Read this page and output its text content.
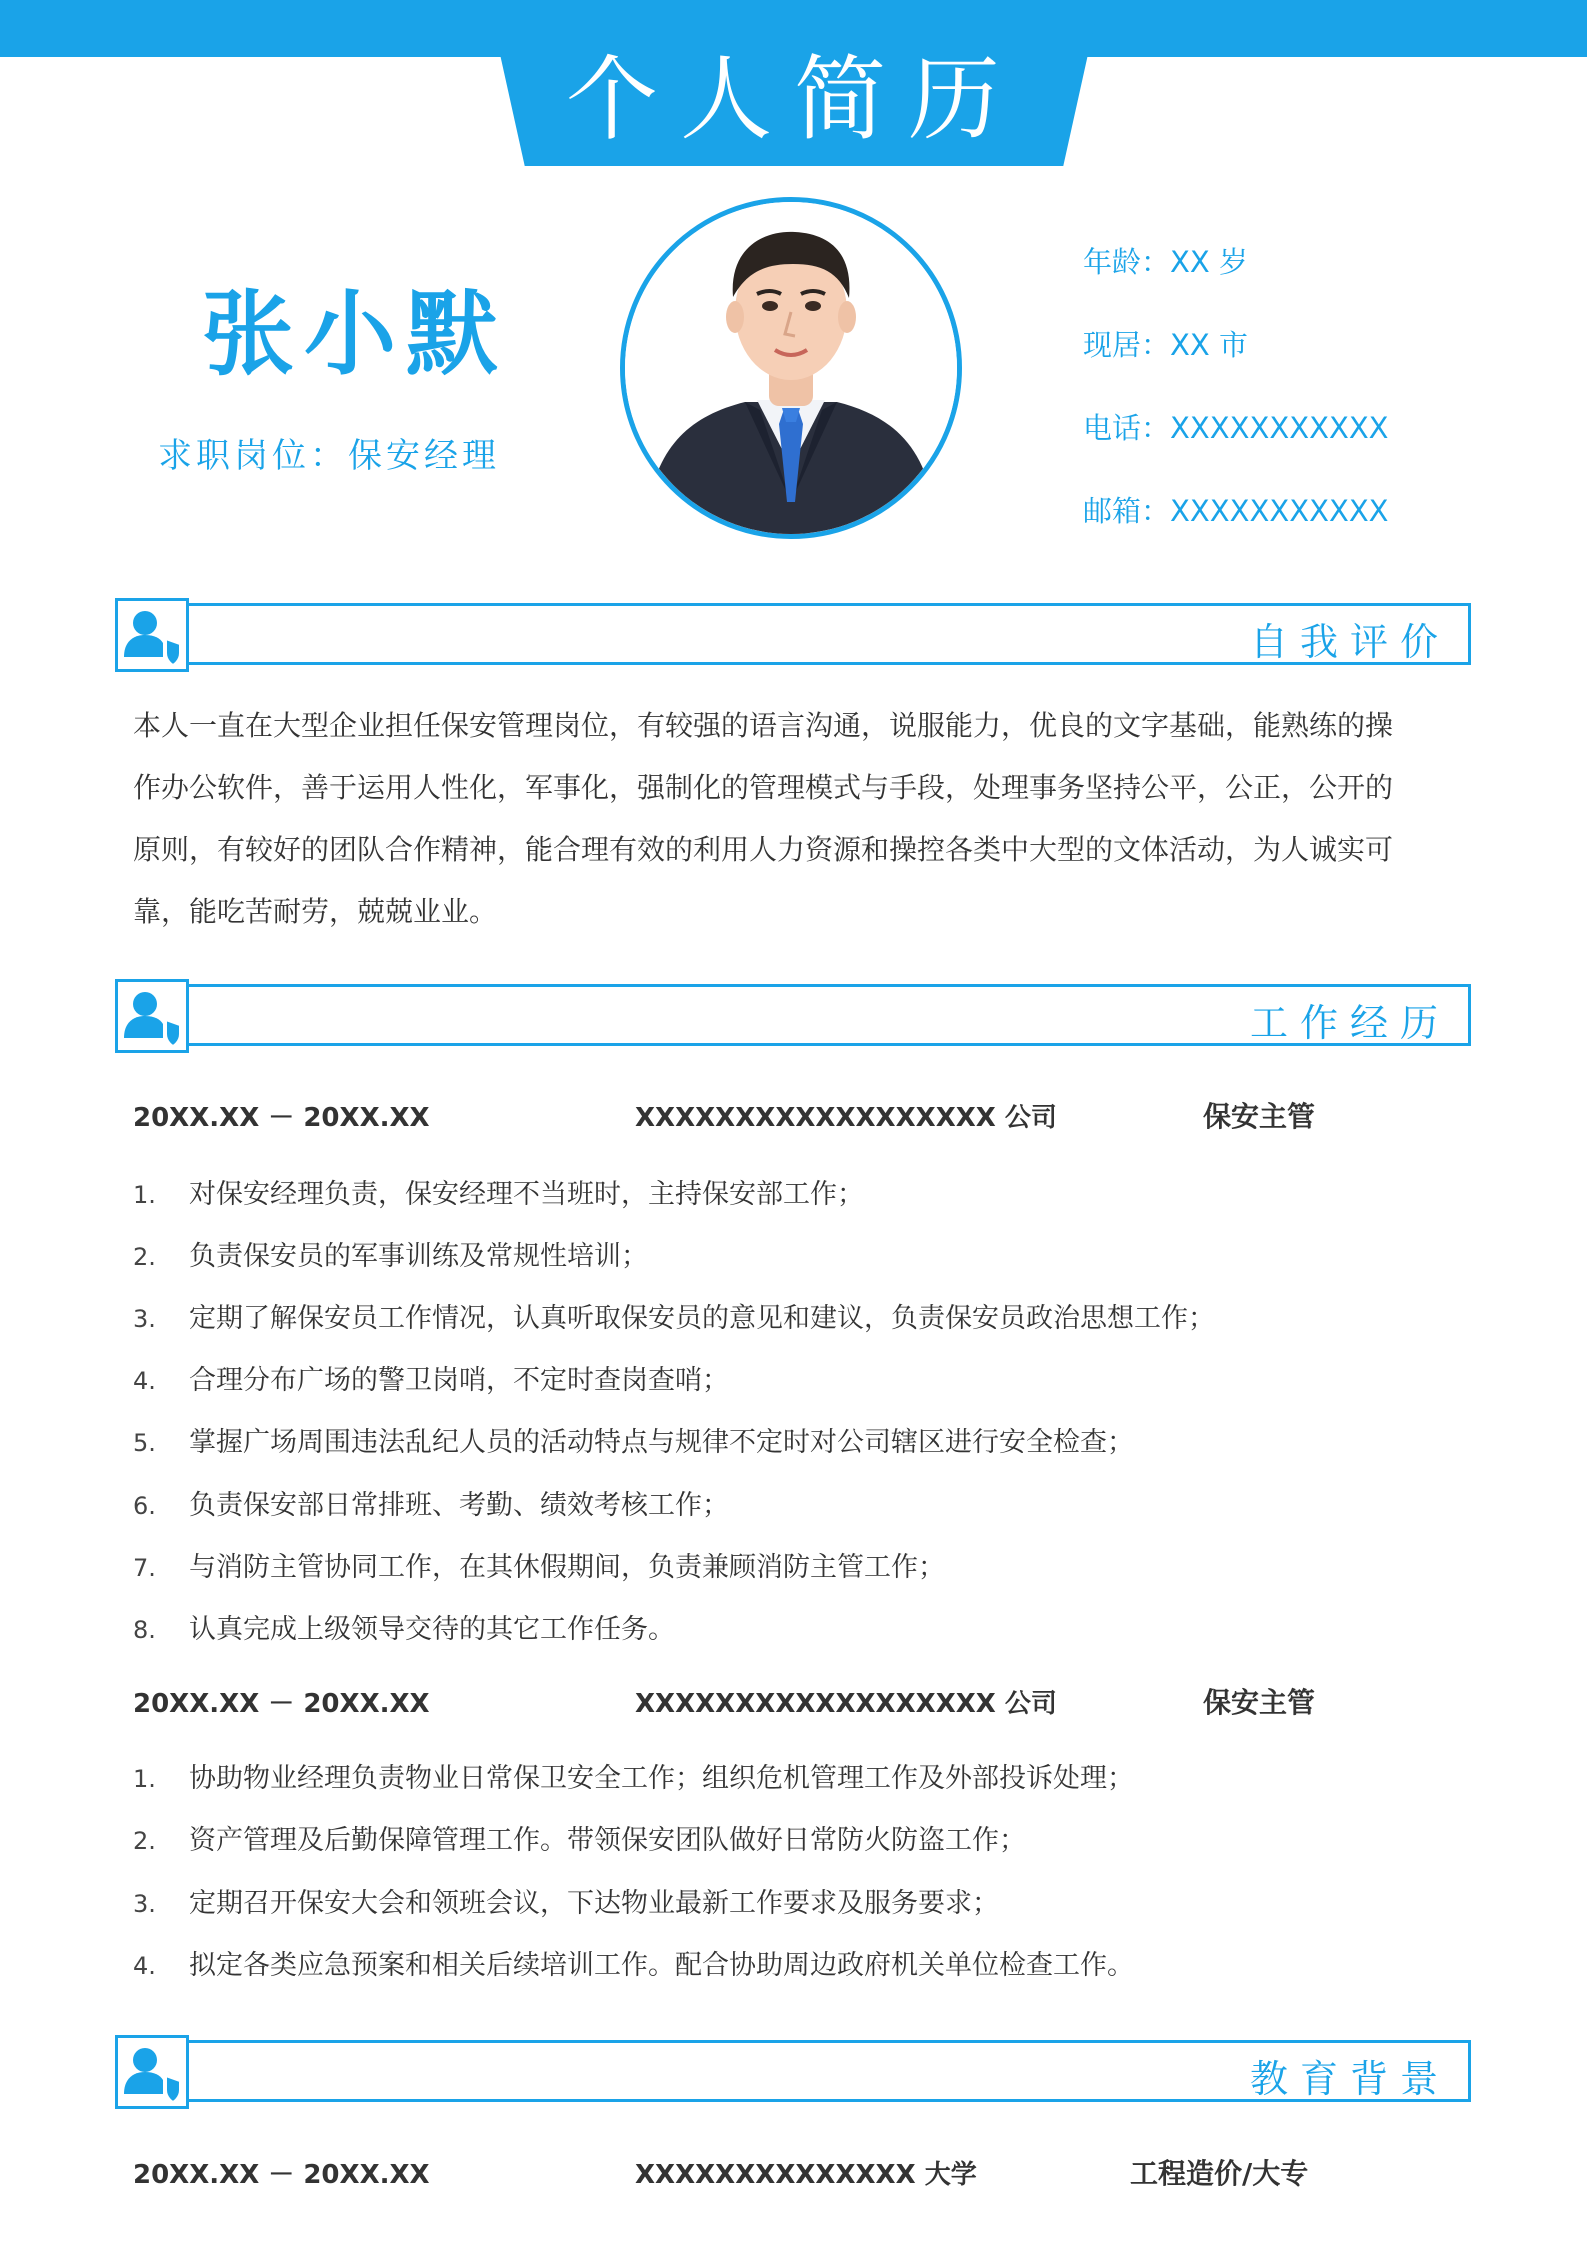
个人简历
张小默
求职岗位：保安经理
年龄：XX 岁
现居：XX 市
电话：XXXXXXXXXXX
邮箱：XXXXXXXXXXX
自我评价
本人一直在大型企业担任保安管理岗位，有较强的语言沟通，说服能力，优良的文字基础，能熟练的操
作办公软件，善于运用人性化，军事化，强制化的管理模式与手段，处理事务坚持公平，公正，公开的
原则，有较好的团队合作精神，能合理有效的利用人力资源和操控各类中大型的文体活动，为人诚实可
靠，能吃苦耐劳，兢兢业业。
工作经历
20XX.XX － 20XX.XX	XXXXXXXXXXXXXXXXXX 公司	保安主管
1. 对保安经理负责，保安经理不当班时，主持保安部工作；
2. 负责保安员的军事训练及常规性培训；
3. 定期了解保安员工作情况，认真听取保安员的意见和建议，负责保安员政治思想工作；
4. 合理分布广场的警卫岗哨，不定时查岗查哨；
5. 掌握广场周围违法乱纪人员的活动特点与规律不定时对公司辖区进行安全检查；
6. 负责保安部日常排班、考勤、绩效考核工作；
7. 与消防主管协同工作，在其休假期间，负责兼顾消防主管工作；
8. 认真完成上级领导交待的其它工作任务。
20XX.XX － 20XX.XX	XXXXXXXXXXXXXXXXXX 公司	保安主管
1. 协助物业经理负责物业日常保卫安全工作；组织危机管理工作及外部投诉处理；
2. 资产管理及后勤保障管理工作。带领保安团队做好日常防火防盗工作；
3. 定期召开保安大会和领班会议，下达物业最新工作要求及服务要求；
4. 拟定各类应急预案和相关后续培训工作。配合协助周边政府机关单位检查工作。
教育背景
20XX.XX － 20XX.XX	XXXXXXXXXXXXXX 大学	工程造价/大专
